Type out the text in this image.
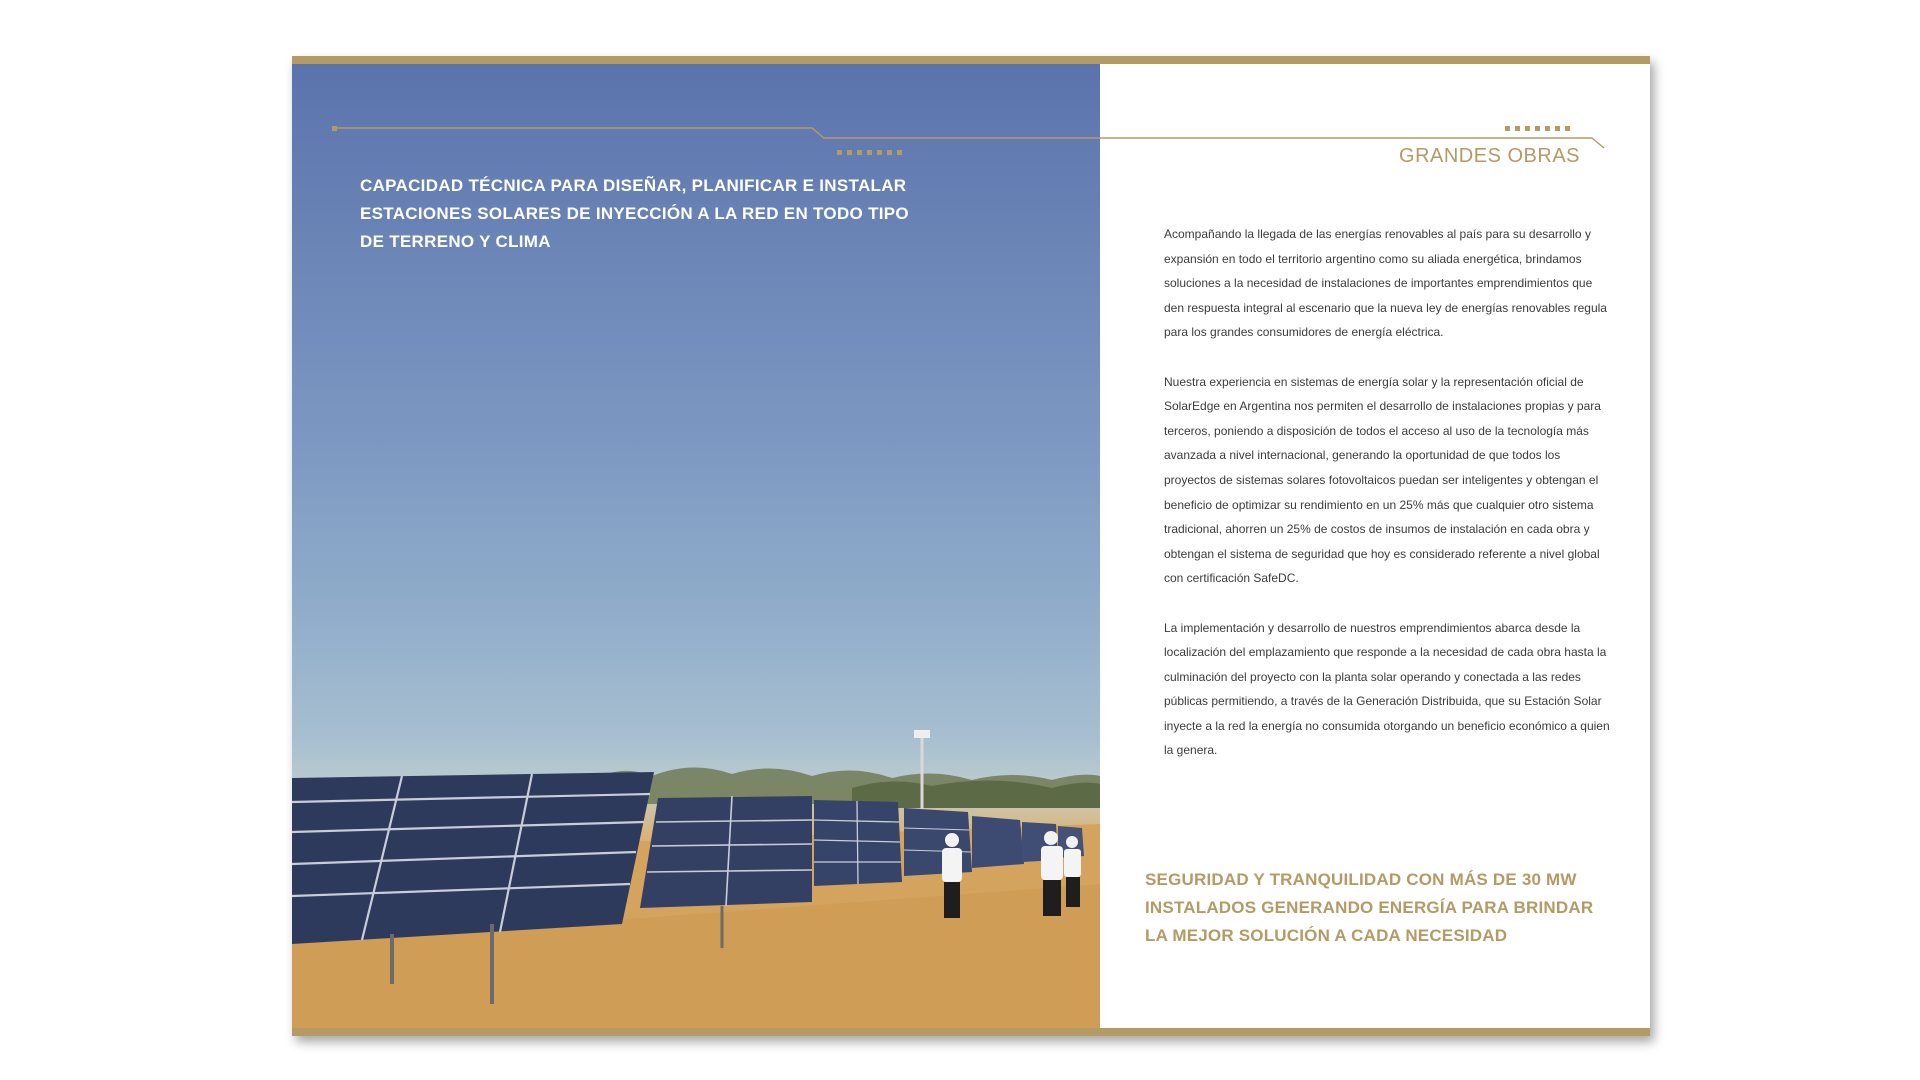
CAPACIDAD TÉCNICA PARA DISEÑAR, PLANIFICAR E INSTALAR ESTACIONES SOLARES DE INYECCIÓN A LA RED EN TODO TIPO DE TERRENO Y CLIMA
GRANDES OBRAS

Acompañando la llegada de las energías renovables al país para su desarrollo y expansión en todo el territorio argentino como su aliada energética, brindamos soluciones a la necesidad de instalaciones de importantes emprendimientos que den respuesta integral al escenario que la nueva ley de energías renovables regula para los grandes consumidores de energía eléctrica.

Nuestra experiencia en sistemas de energía solar y la representación oficial de SolarEdge en Argentina nos permiten el desarrollo de instalaciones propias y para terceros, poniendo a disposición de todos el acceso al uso de la tecnología más avanzada a nivel internacional, generando la oportunidad de que todos los proyectos de sistemas solares fotovoltaicos puedan ser inteligentes y obtengan el beneficio de optimizar su rendimiento en un 25% más que cualquier otro sistema tradicional, ahorren un 25% de costos de insumos de instalación en cada obra y obtengan el sistema de seguridad que hoy es considerado referente a nivel global con certificación SafeDC.

La implementación y desarrollo de nuestros emprendimientos abarca desde la localización del emplazamiento que responde a la necesidad de cada obra hasta la culminación del proyecto con la planta solar operando y conectada a las redes públicas permitiendo, a través de la Generación Distribuida, que su Estación Solar inyecte a la red la energía no consumida otorgando un beneficio económico a quien la genera.

SEGURIDAD Y TRANQUILIDAD CON MÁS DE 30 MW INSTALADOS GENERANDO ENERGÍA PARA BRINDAR LA MEJOR SOLUCIÓN A CADA NECESIDAD
